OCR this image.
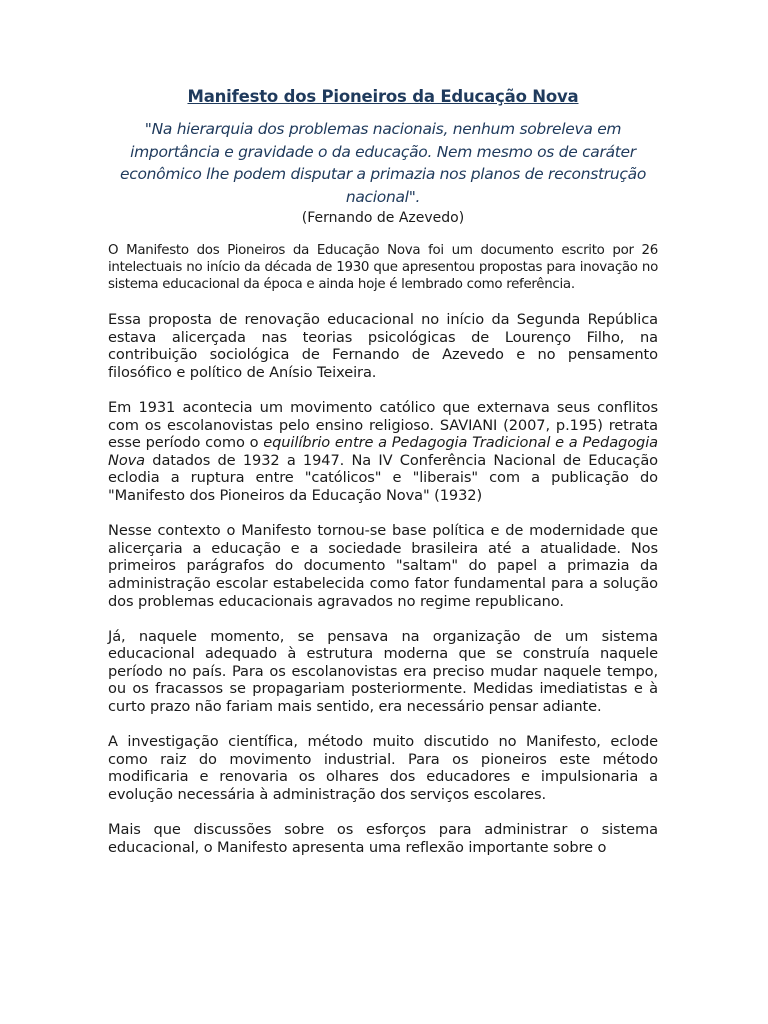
Manifesto dos Pioneiros da Educação Nova

"Na hierarquia dos problemas nacionais, nenhum sobreleva em importância e gravidade o da educação. Nem mesmo os de caráter econômico lhe podem disputar a primazia nos planos de reconstrução nacional".

(Fernando de Azevedo)

O Manifesto dos Pioneiros da Educação Nova foi um documento escrito por 26 intelectuais no início da década de 1930 que apresentou propostas para inovação no sistema educacional da época e ainda hoje é lembrado como referência.

Essa proposta de renovação educacional no início da Segunda República estava alicerçada nas teorias psicológicas de Lourenço Filho, na contribuição sociológica de Fernando de Azevedo e no pensamento filosófico e político de Anísio Teixeira.

Em 1931 acontecia um movimento católico que externava seus conflitos com os escolanovistas pelo ensino religioso. SAVIANI (2007, p.195) retrata esse período como o equilíbrio entre a Pedagogia Tradicional e a Pedagogia Nova datados de 1932 a 1947. Na IV Conferência Nacional de Educação eclodia a ruptura entre "católicos" e "liberais" com a publicação do "Manifesto dos Pioneiros da Educação Nova" (1932)

Nesse contexto o Manifesto tornou-se base política e de modernidade que alicerçaria a educação e a sociedade brasileira até a atualidade. Nos primeiros parágrafos do documento "saltam" do papel a primazia da administração escolar estabelecida como fator fundamental para a solução dos problemas educacionais agravados no regime republicano.

Já, naquele momento, se pensava na organização de um sistema educacional adequado à estrutura moderna que se construía naquele período no país. Para os escolanovistas era preciso mudar naquele tempo, ou os fracassos se propagariam posteriormente. Medidas imediatistas e à curto prazo não fariam mais sentido, era necessário pensar adiante.

A investigação científica, método muito discutido no Manifesto, eclode como raiz do movimento industrial. Para os pioneiros este método modificaria e renovaria os olhares dos educadores e impulsionaria a evolução necessária à administração dos serviços escolares.

Mais que discussões sobre os esforços para administrar o sistema educacional, o Manifesto apresenta uma reflexão importante sobre o
